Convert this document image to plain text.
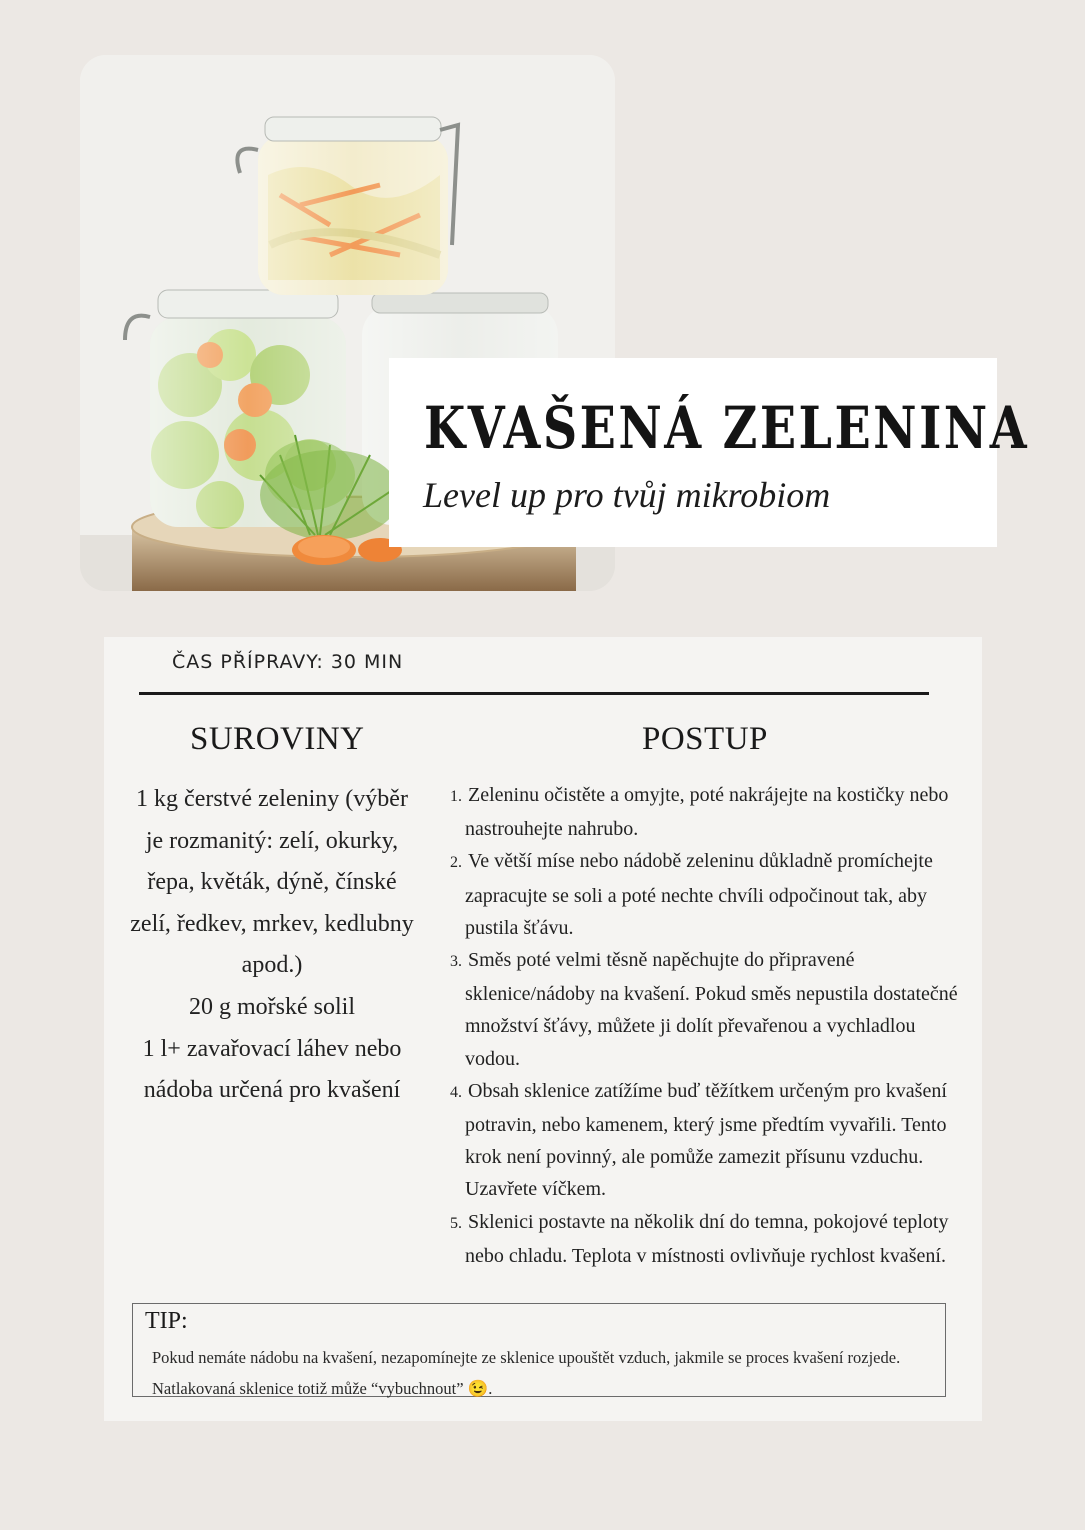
KVAŠENÁ ZELENINA
Level up pro tvůj mikrobiom
ČAS PŘÍPRAVY: 30 MIN
SUROVINY	POSTUP
1 kg čerstvé zeleniny (výběr je rozmanitý: zelí, okurky, řepa, květák, dýně, čínské zelí, ředkev, mrkev, kedlubny apod.)
20 g mořské solil
1 l+ zavařovací láhev nebo nádoba určená pro kvašení
1. Zeleninu očistěte a omyjte, poté nakrájejte na kostičky nebo nastrouhejte nahrubo.
2. Ve větší míse nebo nádobě zeleninu důkladně promíchejte zapracujte se soli a poté nechte chvíli odpočinout tak, aby pustila šťávu.
3. Směs poté velmi těsně napěchujte do připravené sklenice/nádoby na kvašení. Pokud směs nepustila dostatečné množství šťávy, můžete ji dolít převařenou a vychladlou vodou.
4. Obsah sklenice zatížíme buď těžítkem určeným pro kvašení potravin, nebo kamenem, který jsme předtím vyvařili. Tento krok není povinný, ale pomůže zamezit přísunu vzduchu. Uzavřete víčkem.
5. Sklenici postavte na několik dní do temna, pokojové teploty nebo chladu. Teplota v místnosti ovlivňuje rychlost kvašení.
TIP:
Pokud nemáte nádobu na kvašení, nezapomínejte ze sklenice upouštět vzduch, jakmile se proces kvašení rozjede. Natlakovaná sklenice totiž může “vybuchnout” 😉.
